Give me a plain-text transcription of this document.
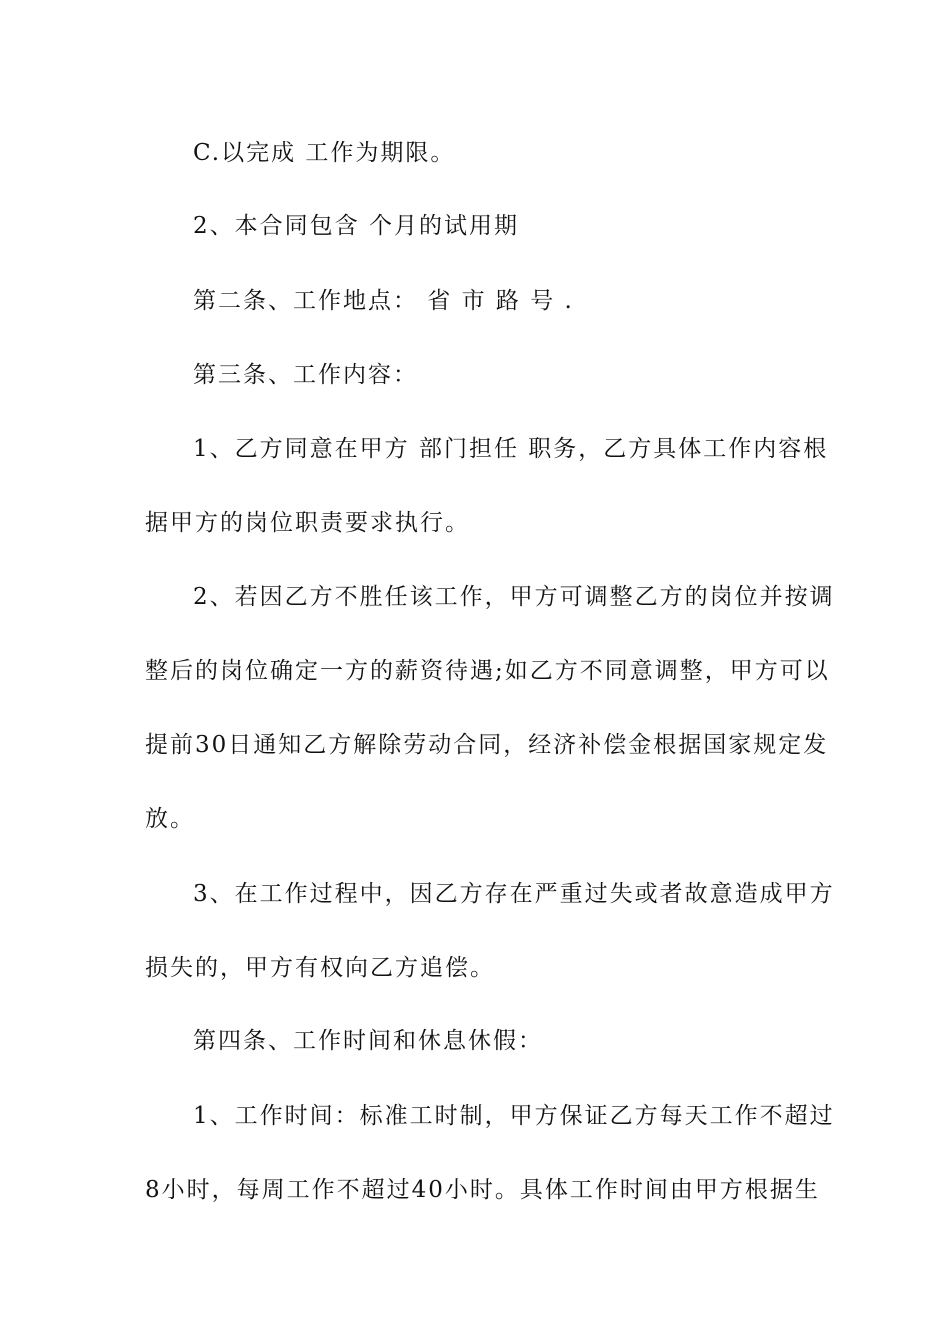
C.以完成 工作为期限。
2、本合同包含 个月的试用期
第二条、工作地点： 省 市 路 号 .
第三条、工作内容：
1、乙方同意在甲方 部门担任 职务，乙方具体工作内容根
据甲方的岗位职责要求执行。
2、若因乙方不胜任该工作，甲方可调整乙方的岗位并按调
整后的岗位确定一方的薪资待遇;如乙方不同意调整，甲方可以
提前30日通知乙方解除劳动合同，经济补偿金根据国家规定发
放。
3、在工作过程中，因乙方存在严重过失或者故意造成甲方
损失的，甲方有权向乙方追偿。
第四条、工作时间和休息休假：
1、工作时间：标准工时制，甲方保证乙方每天工作不超过
8小时，每周工作不超过40小时。具体工作时间由甲方根据生
